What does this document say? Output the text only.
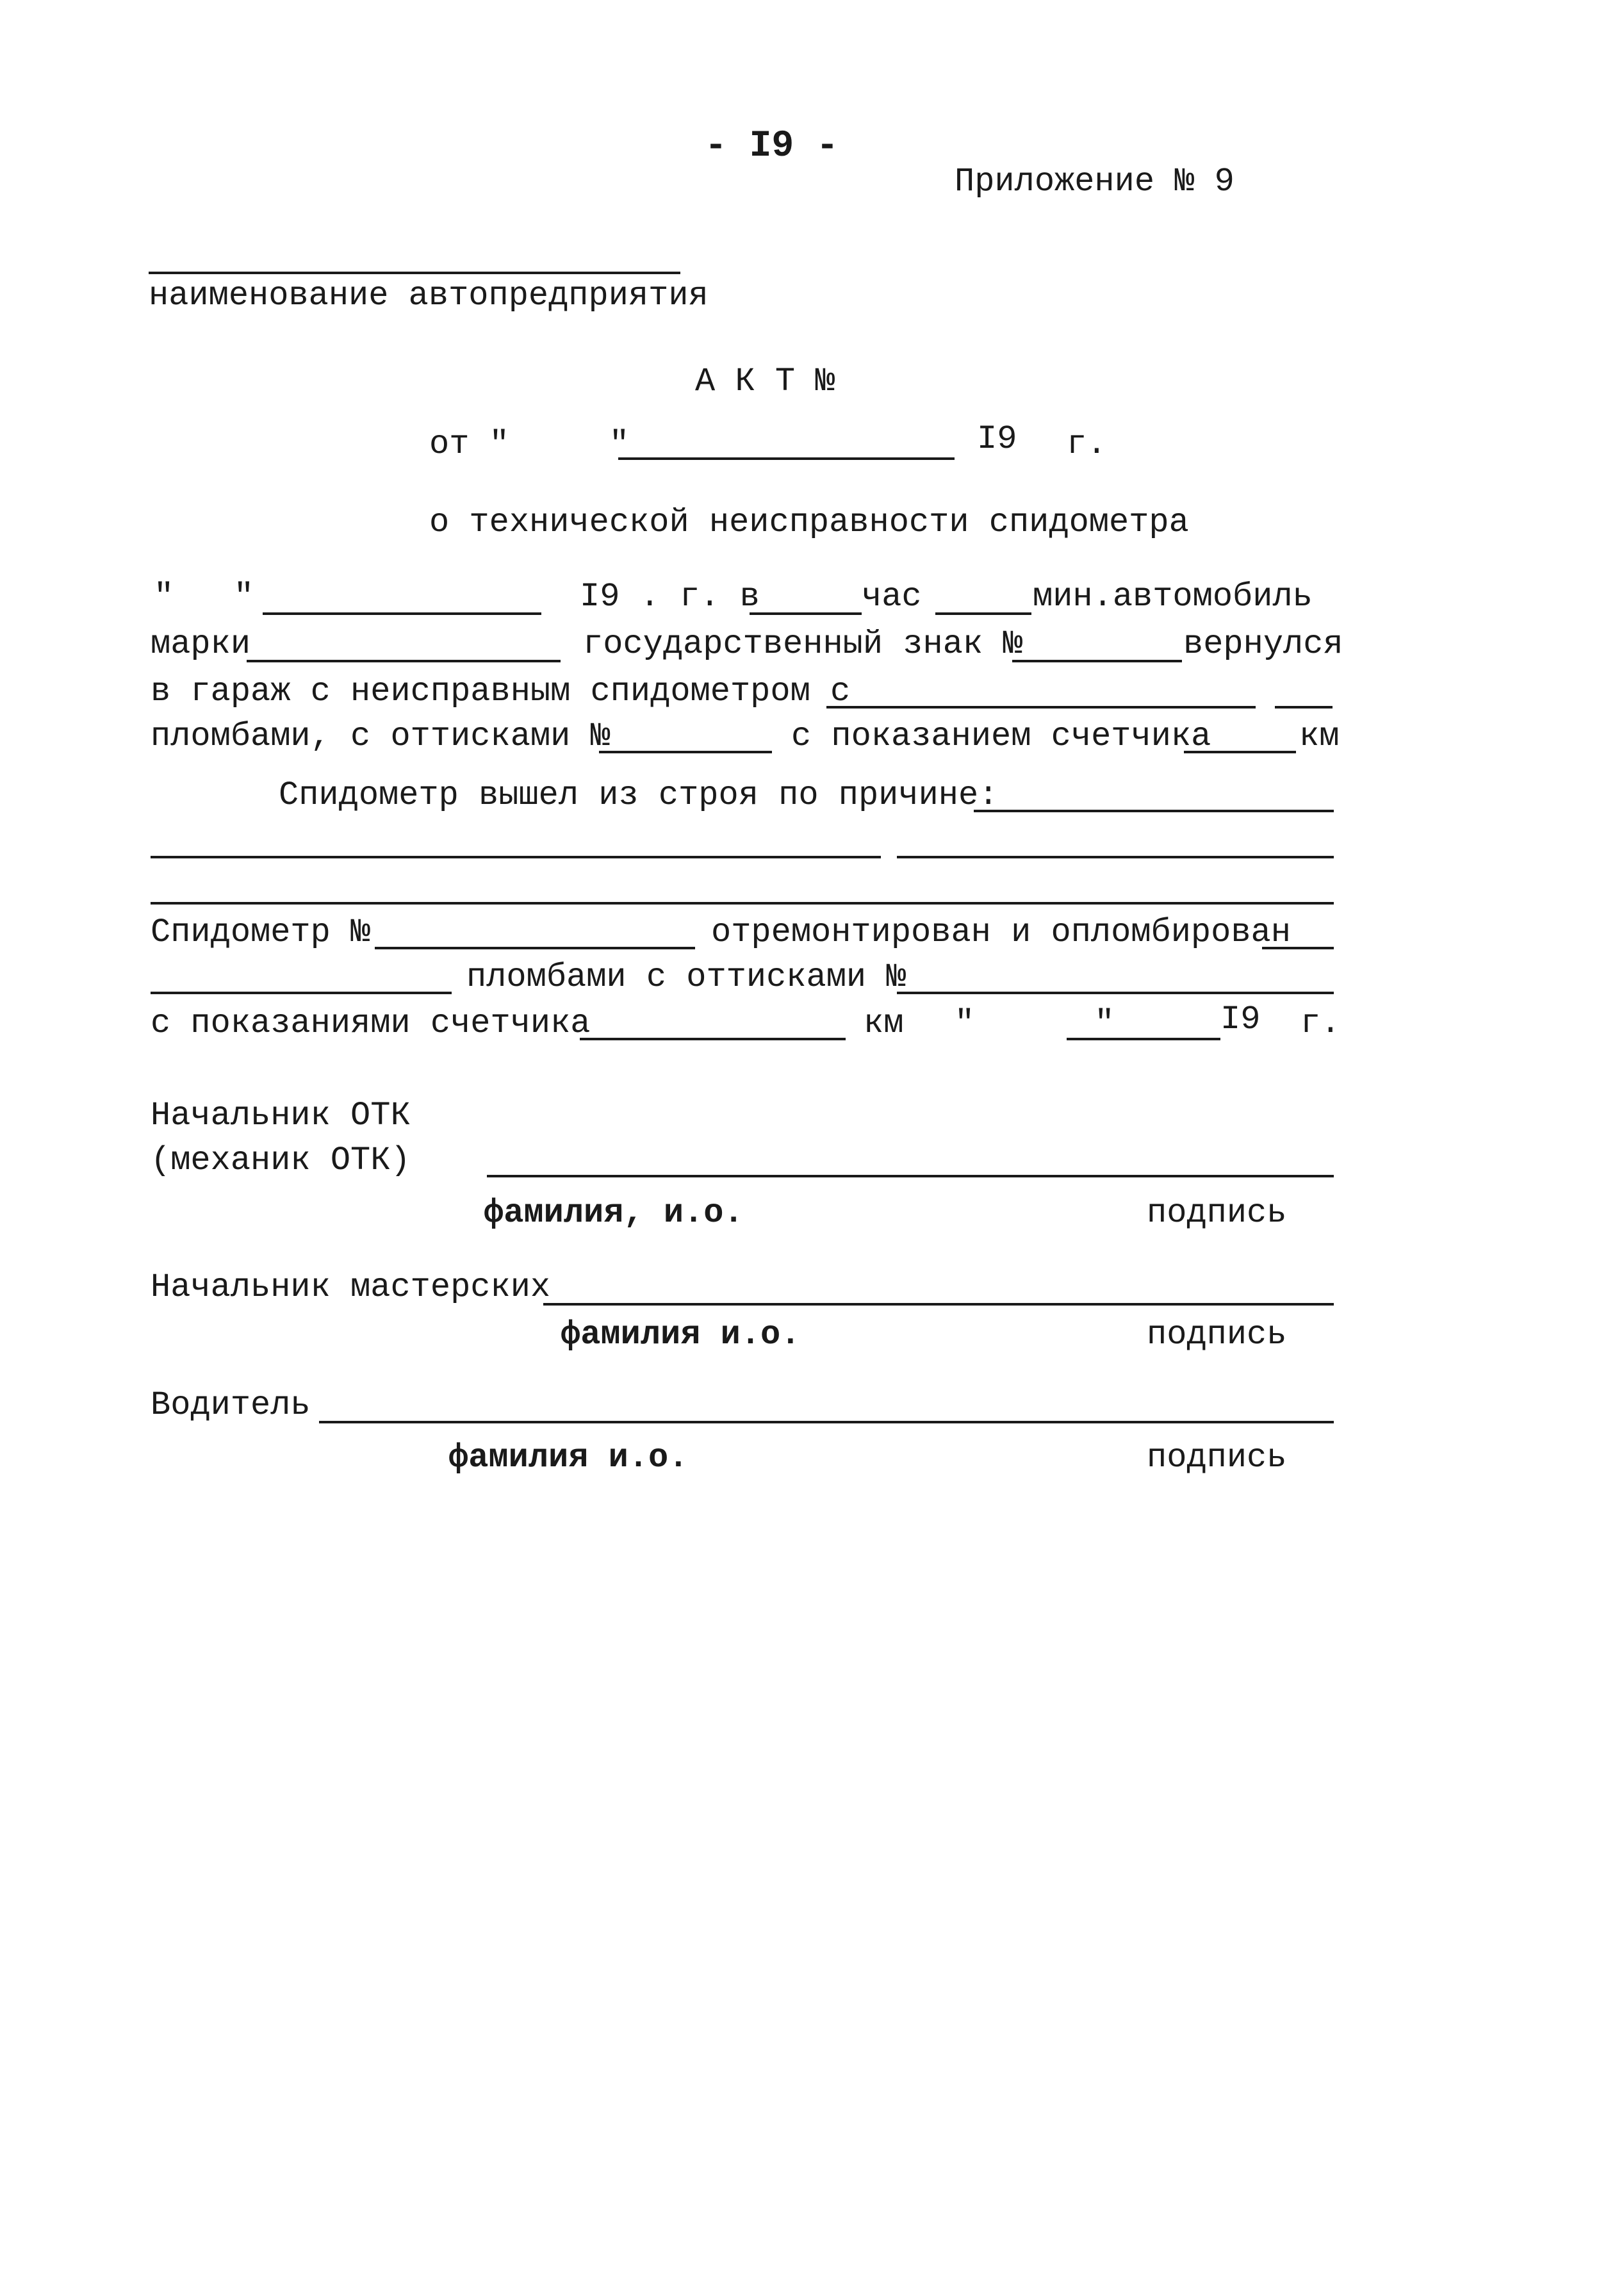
- I9 -
Приложение № 9
наименование автопредприятия
А К Т №
от "     "	I9 г.
о технической неисправности спидометра
"   "	I9 . г. в	час	мин.автомобиль
марки	государственный знак №	вернулся
в гараж с неисправным спидометром с
пломбами, с оттисками №	с показанием счетчика	км
Спидометр вышел из строя по причине:
Спидометр №	отремонтирован и опломбирован
пломбами с оттисками №
с показаниями счетчика	км "      "	I9 г.
Начальник ОТК
(механик ОТК)
фамилия, и.о.	подпись
Начальник мастерских
фамилия и.о.	подпись
Водитель
фамилия и.о.	подпись
